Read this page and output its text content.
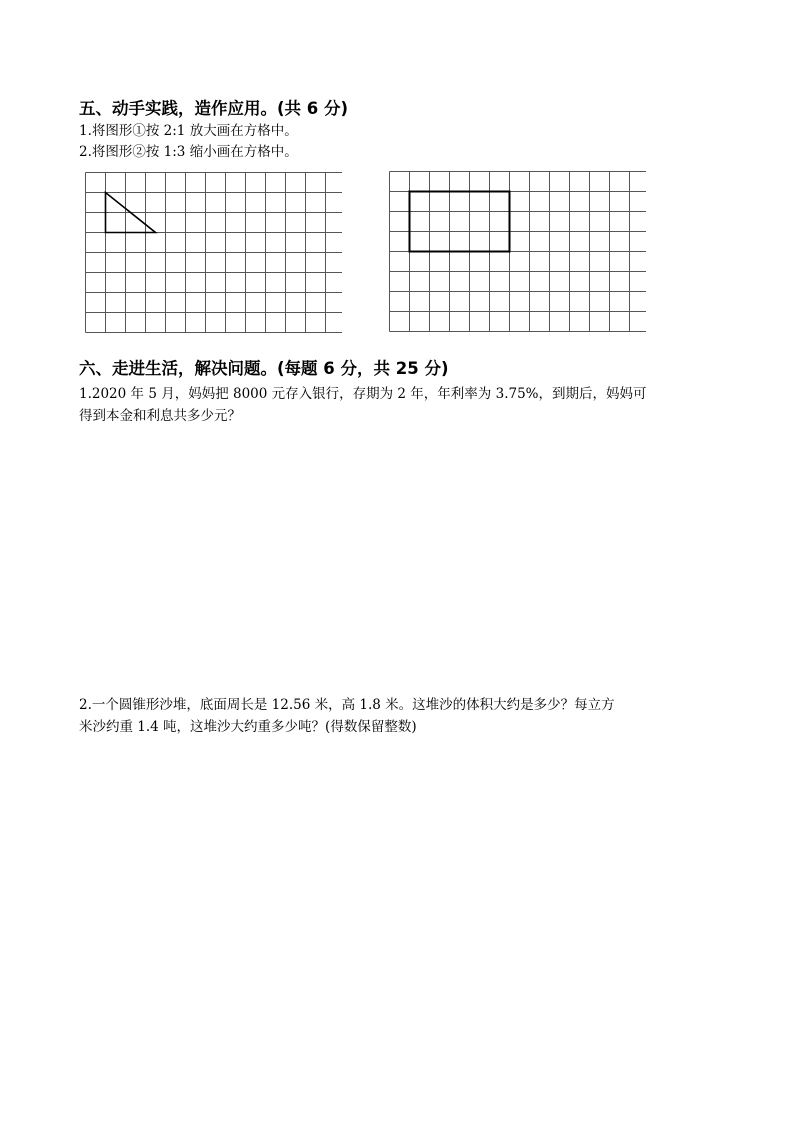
五、动手实践，造作应用。(共 6 分)
1.将图形①按 2:1 放大画在方格中。
2.将图形②按 1:3 缩小画在方格中。
六、走进生活，解决问题。(每题 6 分，共 25 分)
1.2020 年 5 月，妈妈把 8000 元存入银行，存期为 2 年，年利率为 3.75%，到期后，妈妈可
得到本金和利息共多少元？
2.一个圆锥形沙堆，底面周长是 12.56 米，高 1.8 米。这堆沙的体积大约是多少？每立方
米沙约重 1.4 吨，这堆沙大约重多少吨？(得数保留整数)
